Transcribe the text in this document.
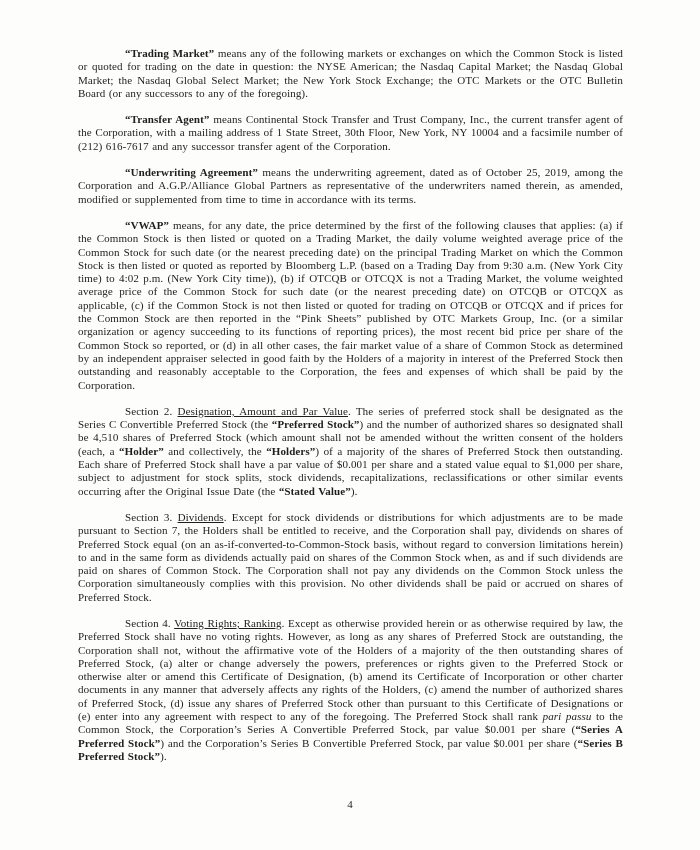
“Trading Market” means any of the following markets or exchanges on which the Common Stock is listed or quoted for trading on the date in question: the NYSE American; the Nasdaq Capital Market; the Nasdaq Global Market; the Nasdaq Global Select Market; the New York Stock Exchange; the OTC Markets or the OTC Bulletin Board (or any successors to any of the foregoing).

“Transfer Agent” means Continental Stock Transfer and Trust Company, Inc., the current transfer agent of the Corporation, with a mailing address of 1 State Street, 30th Floor, New York, NY 10004 and a facsimile number of (212) 616-7617 and any successor transfer agent of the Corporation.

“Underwriting Agreement” means the underwriting agreement, dated as of October 25, 2019, among the Corporation and A.G.P./Alliance Global Partners as representative of the underwriters named therein, as amended, modified or supplemented from time to time in accordance with its terms.

“VWAP” means, for any date, the price determined by the first of the following clauses that applies: (a) if the Common Stock is then listed or quoted on a Trading Market, the daily volume weighted average price of the Common Stock for such date (or the nearest preceding date) on the principal Trading Market on which the Common Stock is then listed or quoted as reported by Bloomberg L.P. (based on a Trading Day from 9:30 a.m. (New York City time) to 4:02 p.m. (New York City time)), (b) if OTCQB or OTCQX is not a Trading Market, the volume weighted average price of the Common Stock for such date (or the nearest preceding date) on OTCQB or OTCQX as applicable, (c) if the Common Stock is not then listed or quoted for trading on OTCQB or OTCQX and if prices for the Common Stock are then reported in the “Pink Sheets” published by OTC Markets Group, Inc. (or a similar organization or agency succeeding to its functions of reporting prices), the most recent bid price per share of the Common Stock so reported, or (d) in all other cases, the fair market value of a share of Common Stock as determined by an independent appraiser selected in good faith by the Holders of a majority in interest of the Preferred Stock then outstanding and reasonably acceptable to the Corporation, the fees and expenses of which shall be paid by the Corporation.

Section 2. Designation, Amount and Par Value. The series of preferred stock shall be designated as the Series C Convertible Preferred Stock (the “Preferred Stock”) and the number of authorized shares so designated shall be 4,510 shares of Preferred Stock (which amount shall not be amended without the written consent of the holders (each, a “Holder” and collectively, the “Holders”) of a majority of the shares of Preferred Stock then outstanding. Each share of Preferred Stock shall have a par value of $0.001 per share and a stated value equal to $1,000 per share, subject to adjustment for stock splits, stock dividends, recapitalizations, reclassifications or other similar events occurring after the Original Issue Date (the “Stated Value”).

Section 3. Dividends. Except for stock dividends or distributions for which adjustments are to be made pursuant to Section 7, the Holders shall be entitled to receive, and the Corporation shall pay, dividends on shares of Preferred Stock equal (on an as-if-converted-to-Common-Stock basis, without regard to conversion limitations herein) to and in the same form as dividends actually paid on shares of the Common Stock when, as and if such dividends are paid on shares of Common Stock. The Corporation shall not pay any dividends on the Common Stock unless the Corporation simultaneously complies with this provision. No other dividends shall be paid or accrued on shares of Preferred Stock.

Section 4. Voting Rights; Ranking. Except as otherwise provided herein or as otherwise required by law, the Preferred Stock shall have no voting rights. However, as long as any shares of Preferred Stock are outstanding, the Corporation shall not, without the affirmative vote of the Holders of a majority of the then outstanding shares of Preferred Stock, (a) alter or change adversely the powers, preferences or rights given to the Preferred Stock or otherwise alter or amend this Certificate of Designation, (b) amend its Certificate of Incorporation or other charter documents in any manner that adversely affects any rights of the Holders, (c) amend the number of authorized shares of Preferred Stock, (d) issue any shares of Preferred Stock other than pursuant to this Certificate of Designations or (e) enter into any agreement with respect to any of the foregoing. The Preferred Stock shall rank pari passu to the Common Stock, the Corporation’s Series A Convertible Preferred Stock, par value $0.001 per share (“Series A Preferred Stock”) and the Corporation’s Series B Convertible Preferred Stock, par value $0.001 per share (“Series B Preferred Stock”).

4
